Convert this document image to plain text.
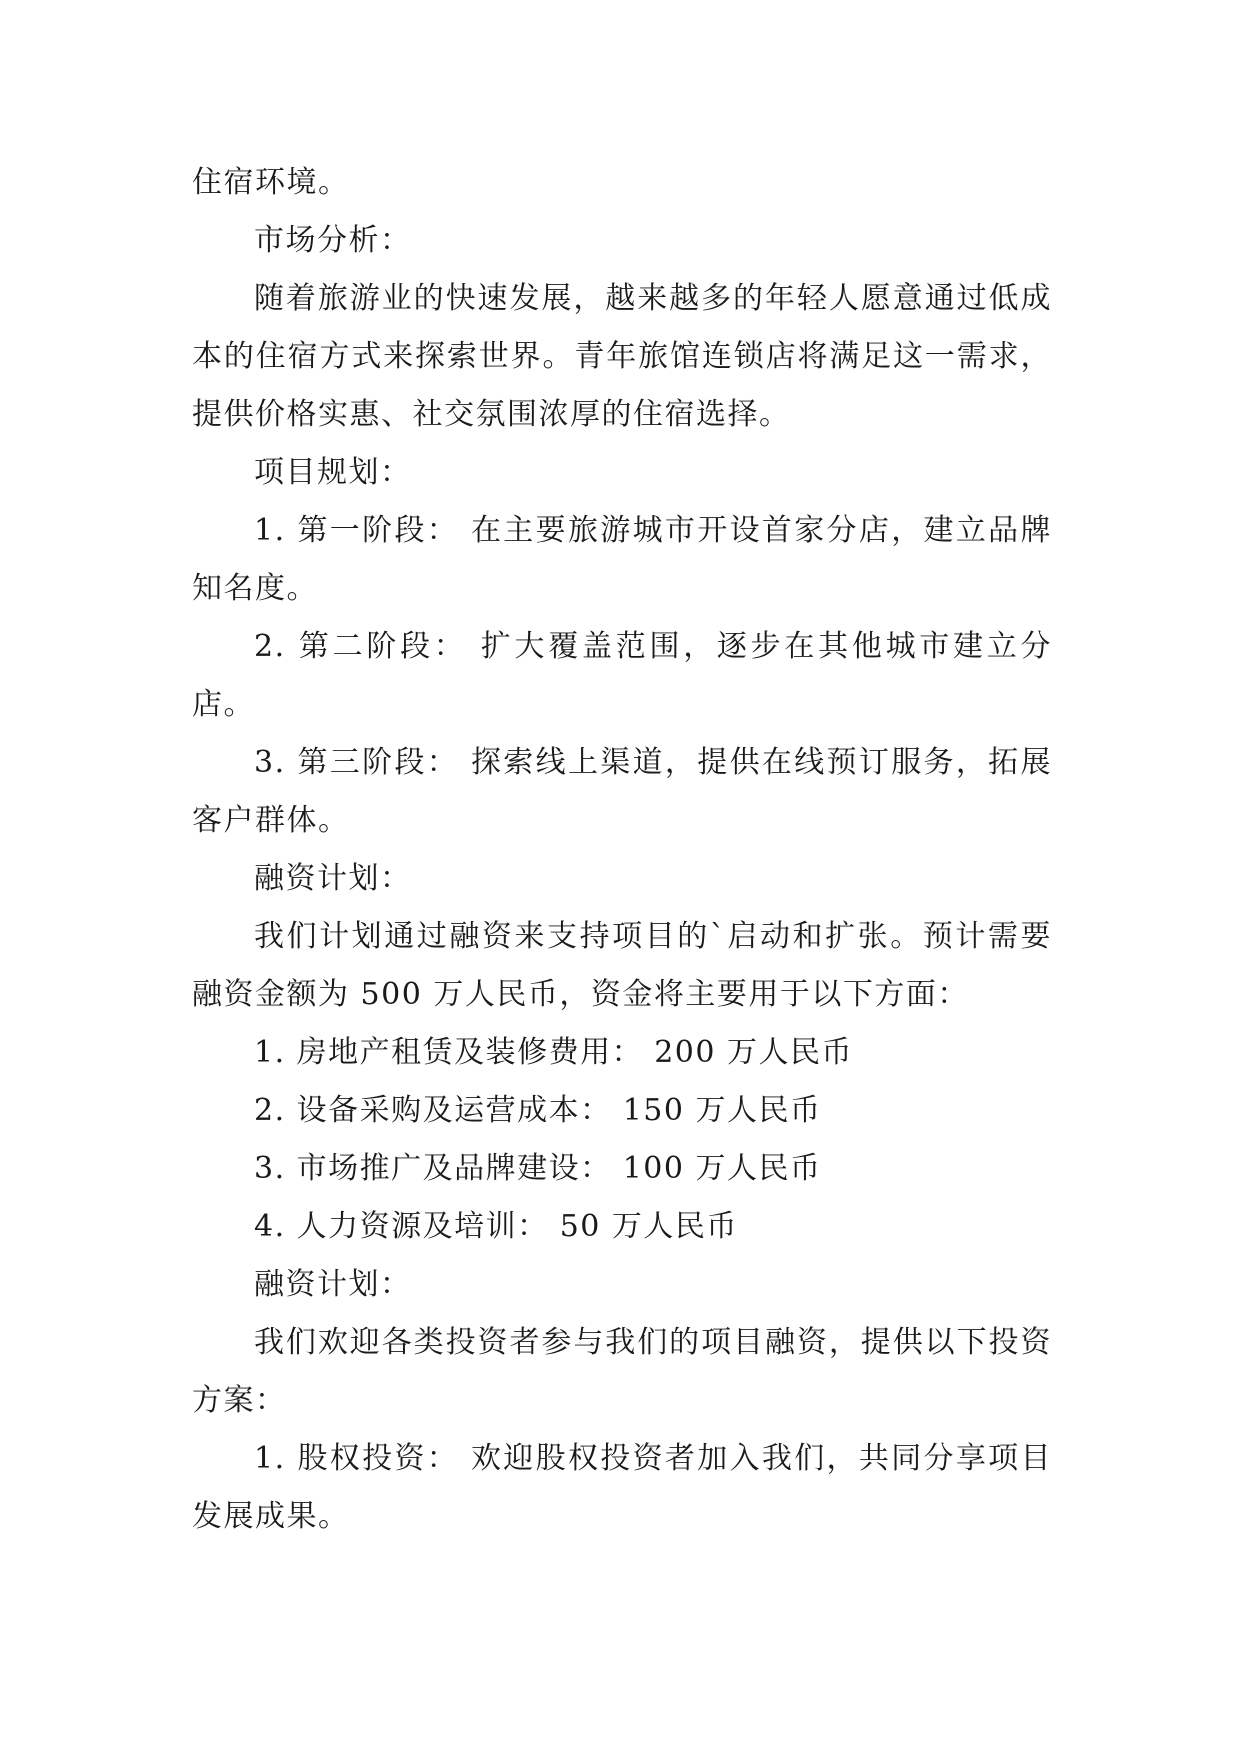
住宿环境。

市场分析：

随着旅游业的快速发展，越来越多的年轻人愿意通过低成本的住宿方式来探索世界。青年旅馆连锁店将满足这一需求，提供价格实惠、社交氛围浓厚的住宿选择。

项目规划：

1. 第一阶段： 在主要旅游城市开设首家分店，建立品牌知名度。

2. 第二阶段： 扩大覆盖范围，逐步在其他城市建立分店。

3. 第三阶段： 探索线上渠道，提供在线预订服务，拓展客户群体。

融资计划：

我们计划通过融资来支持项目的`启动和扩张。预计需要融资金额为 500 万人民币，资金将主要用于以下方面：

1. 房地产租赁及装修费用： 200 万人民币

2. 设备采购及运营成本： 150 万人民币

3. 市场推广及品牌建设： 100 万人民币

4. 人力资源及培训： 50 万人民币

融资计划：

我们欢迎各类投资者参与我们的项目融资，提供以下投资方案：

1. 股权投资： 欢迎股权投资者加入我们，共同分享项目发展成果。
